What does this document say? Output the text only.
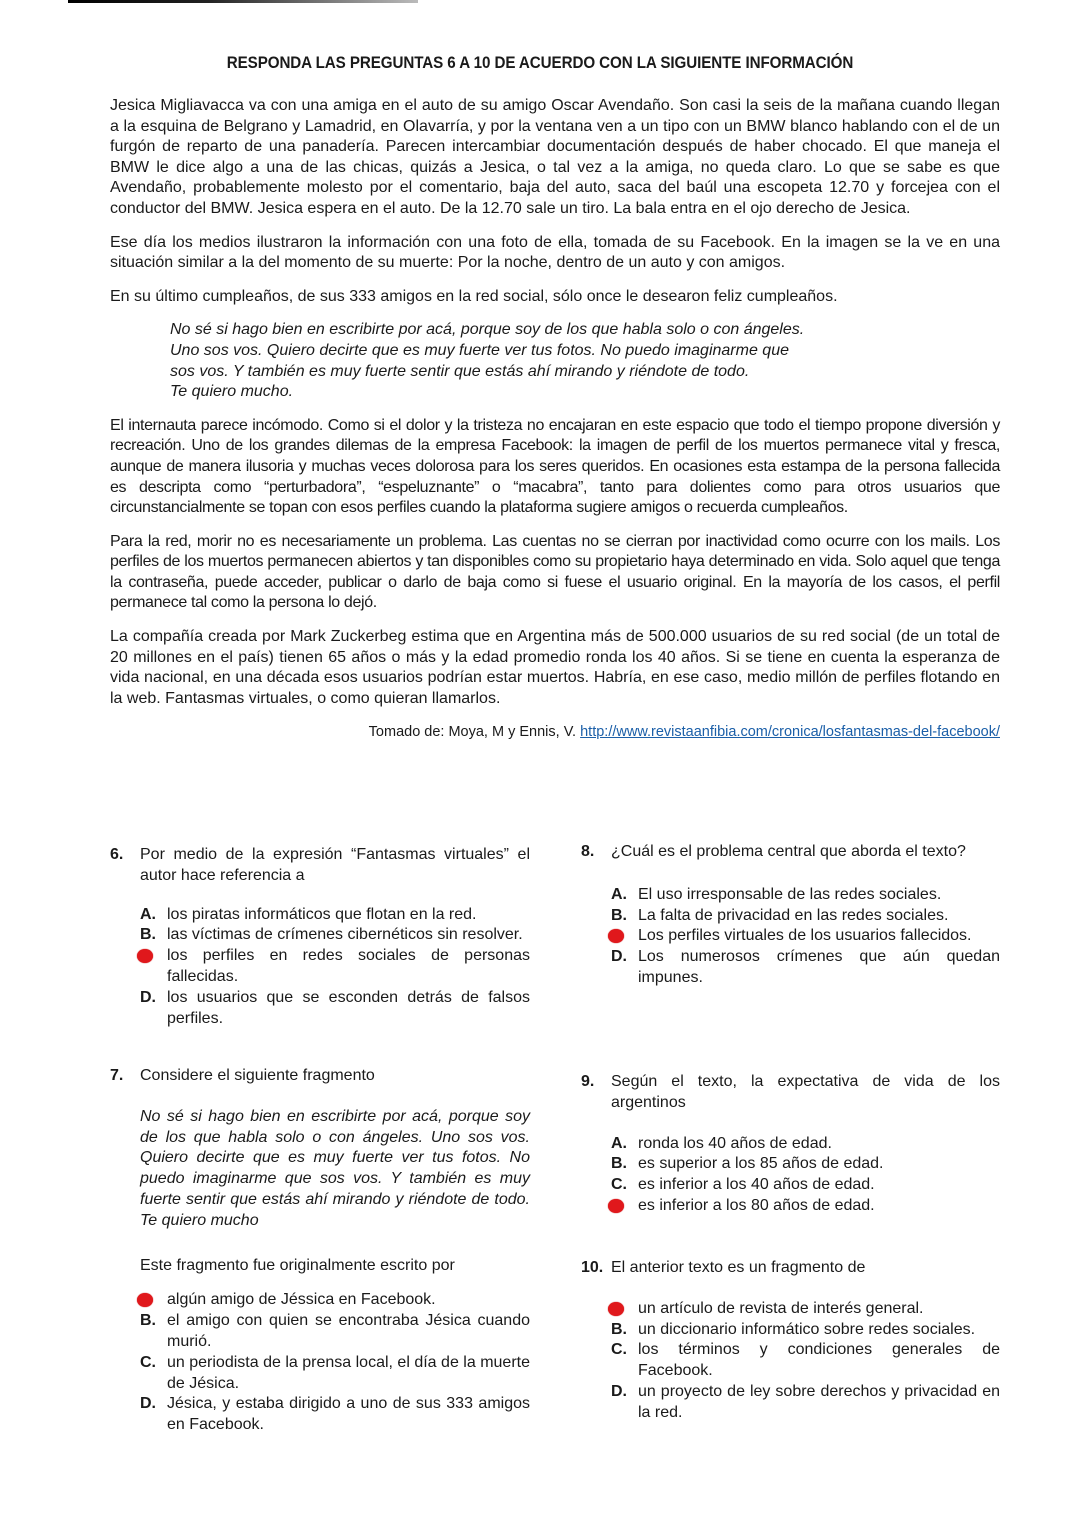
RESPONDA LAS PREGUNTAS 6 A 10 DE ACUERDO CON LA SIGUIENTE INFORMACIÓN

Jesica Migliavacca va con una amiga en el auto de su amigo Oscar Avendaño. Son casi la seis de la mañana cuando llegan a la esquina de Belgrano y Lamadrid, en Olavarría, y por la ventana ven a un tipo con un BMW blanco hablando con el de un furgón de reparto de una panadería. Parecen intercambiar documentación después de haber chocado. El que maneja el BMW le dice algo a una de las chicas, quizás a Jesica, o tal vez a la amiga, no queda claro. Lo que se sabe es que Avendaño, probablemente molesto por el comentario, baja del auto, saca del baúl una escopeta 12.70 y forcejea con el conductor del BMW. Jesica espera en el auto. De la 12.70 sale un tiro. La bala entra en el ojo derecho de Jesica.

Ese día los medios ilustraron la información con una foto de ella, tomada de su Facebook. En la imagen se la ve en una situación similar a la del momento de su muerte: Por la noche, dentro de un auto y con amigos.

En su último cumpleaños, de sus 333 amigos en la red social, sólo once le desearon feliz cumpleaños.

No sé si hago bien en escribirte por acá, porque soy de los que habla solo o con ángeles.
Uno sos vos. Quiero decirte que es muy fuerte ver tus fotos. No puedo imaginarme que
sos vos. Y también es muy fuerte sentir que estás ahí mirando y riéndote de todo.
Te quiero mucho.

El internauta parece incómodo. Como si el dolor y la tristeza no encajaran en este espacio que todo el tiempo propone diversión y recreación. Uno de los grandes dilemas de la empresa Facebook: la imagen de perfil de los muertos permanece vital y fresca, aunque de manera ilusoria y muchas veces dolorosa para los seres queridos. En ocasiones esta estampa de la persona fallecida es descripta como “perturbadora”, “espeluznante” o “macabra”, tanto para dolientes como para otros usuarios que circunstancialmente se topan con esos perfiles cuando la plataforma sugiere amigos o recuerda cumpleaños.

Para la red, morir no es necesariamente un problema. Las cuentas no se cierran por inactividad como ocurre con los mails. Los perfiles de los muertos permanecen abiertos y tan disponibles como su propietario haya determinado en vida. Solo aquel que tenga la contraseña, puede acceder, publicar o darlo de baja como si fuese el usuario original. En la mayoría de los casos, el perfil permanece tal como la persona lo dejó.

La compañía creada por Mark Zuckerbeg estima que en Argentina más de 500.000 usuarios de su red social (de un total de 20 millones en el país) tienen 65 años o más y la edad promedio ronda los 40 años. Si se tiene en cuenta la esperanza de vida nacional, en una década esos usuarios podrían estar muertos. Habría, en ese caso, medio millón de perfiles flotando en la web. Fantasmas virtuales, o como quieran llamarlos.

Tomado de: Moya, M y Ennis, V. http://www.revistaanfibia.com/cronica/losfantasmas-del-facebook/

6.	Por medio de la expresión “Fantasmas virtuales” el autor hace referencia a
A. los piratas informáticos que flotan en la red.
B. las víctimas de crímenes cibernéticos sin resolver.
los perfiles en redes sociales de personas fallecidas.
D. los usuarios que se esconden detrás de falsos perfiles.
7.	Considere el siguiente fragmento
No sé si hago bien en escribirte por acá, porque soy de los que habla solo o con ángeles. Uno sos vos. Quiero decirte que es muy fuerte ver tus fotos. No puedo imaginarme que sos vos. Y también es muy fuerte sentir que estás ahí mirando y riéndote de todo. Te quiero mucho
Este fragmento fue originalmente escrito por
algún amigo de Jéssica en Facebook.
B. el amigo con quien se encontraba Jésica cuando murió.
C. un periodista de la prensa local, el día de la muerte de Jésica.
D. Jésica, y estaba dirigido a uno de sus 333 amigos en Facebook.
8.	¿Cuál es el problema central que aborda el texto?
A. El uso irresponsable de las redes sociales.
B. La falta de privacidad en las redes sociales.
Los perfiles virtuales de los usuarios fallecidos.
D. Los numerosos crímenes que aún quedan impunes.
9.	Según el texto, la expectativa de vida de los argentinos
A. ronda los 40 años de edad.
B. es superior a los 85 años de edad.
C. es inferior a los 40 años de edad.
es inferior a los 80 años de edad.
10. El anterior texto es un fragmento de
un artículo de revista de interés general.
B. un diccionario informático sobre redes sociales.
C. los términos y condiciones generales de Facebook.
D. un proyecto de ley sobre derechos y privacidad en la red.
